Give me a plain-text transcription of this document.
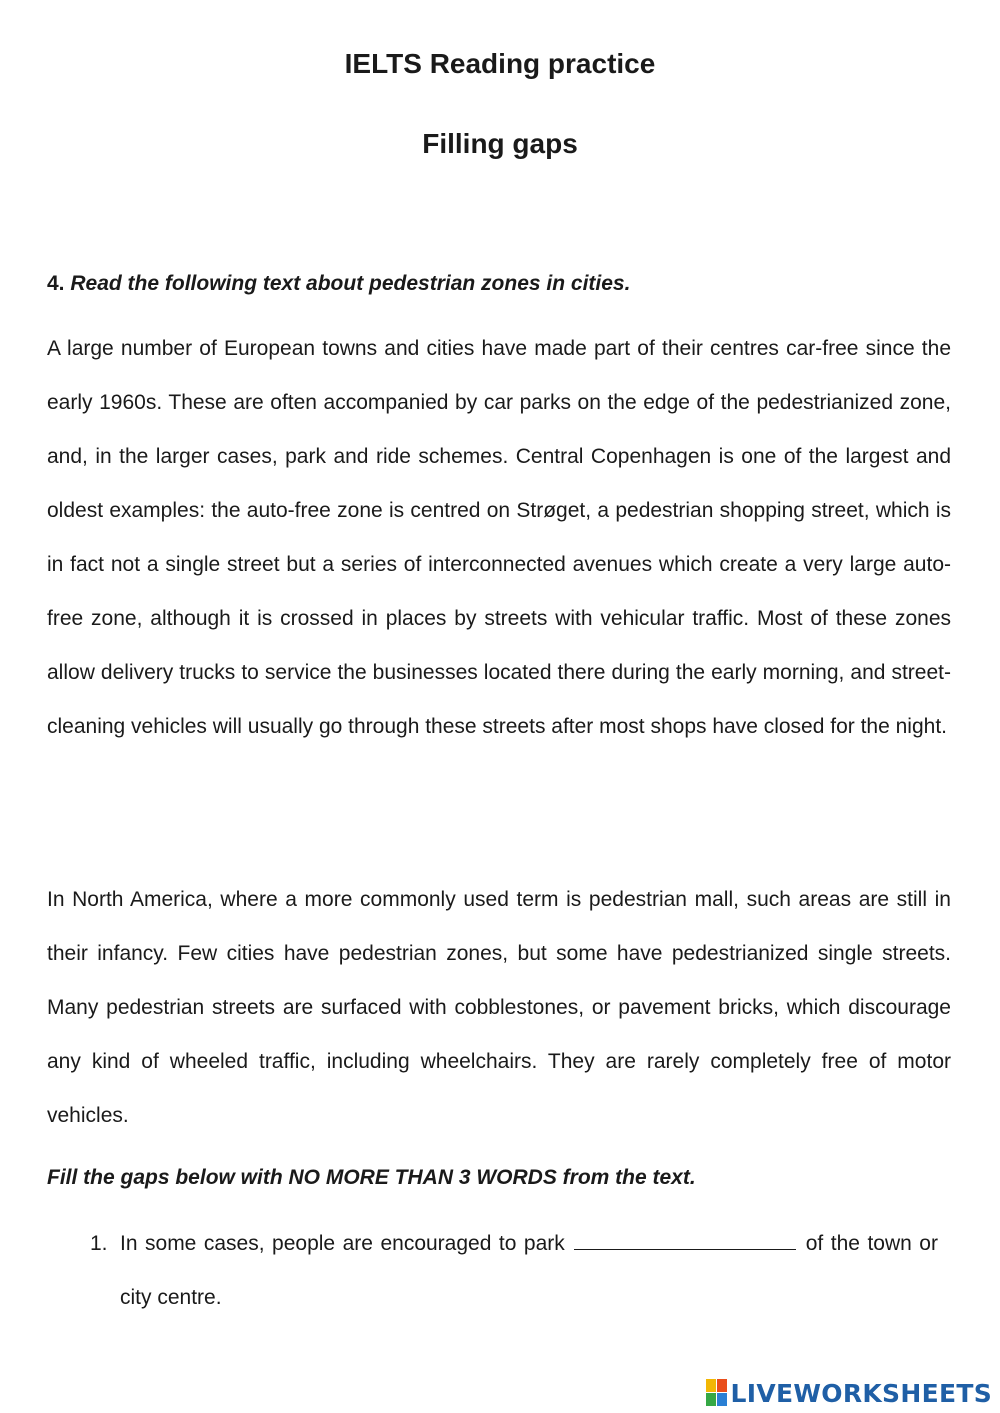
IELTS Reading practice
Filling gaps

4. Read the following text about pedestrian zones in cities.

A large number of European towns and cities have made part of their centres car-free since the early 1960s. These are often accompanied by car parks on the edge of the pedestrianized zone, and, in the larger cases, park and ride schemes. Central Copenhagen is one of the largest and oldest examples: the auto-free zone is centred on Strøget, a pedestrian shopping street, which is in fact not a single street but a series of interconnected avenues which create a very large auto-free zone, although it is crossed in places by streets with vehicular traffic. Most of these zones allow delivery trucks to service the businesses located there during the early morning, and street-cleaning vehicles will usually go through these streets after most shops have closed for the night.

In North America, where a more commonly used term is pedestrian mall, such areas are still in their infancy. Few cities have pedestrian zones, but some have pedestrianized single streets. Many pedestrian streets are surfaced with cobblestones, or pavement bricks, which discourage any kind of wheeled traffic, including wheelchairs. They are rarely completely free of motor vehicles.

Fill the gaps below with NO MORE THAN 3 WORDS from the text.

1. In some cases, people are encouraged to park	of the town or city centre.
LIVEWORKSHEETS
